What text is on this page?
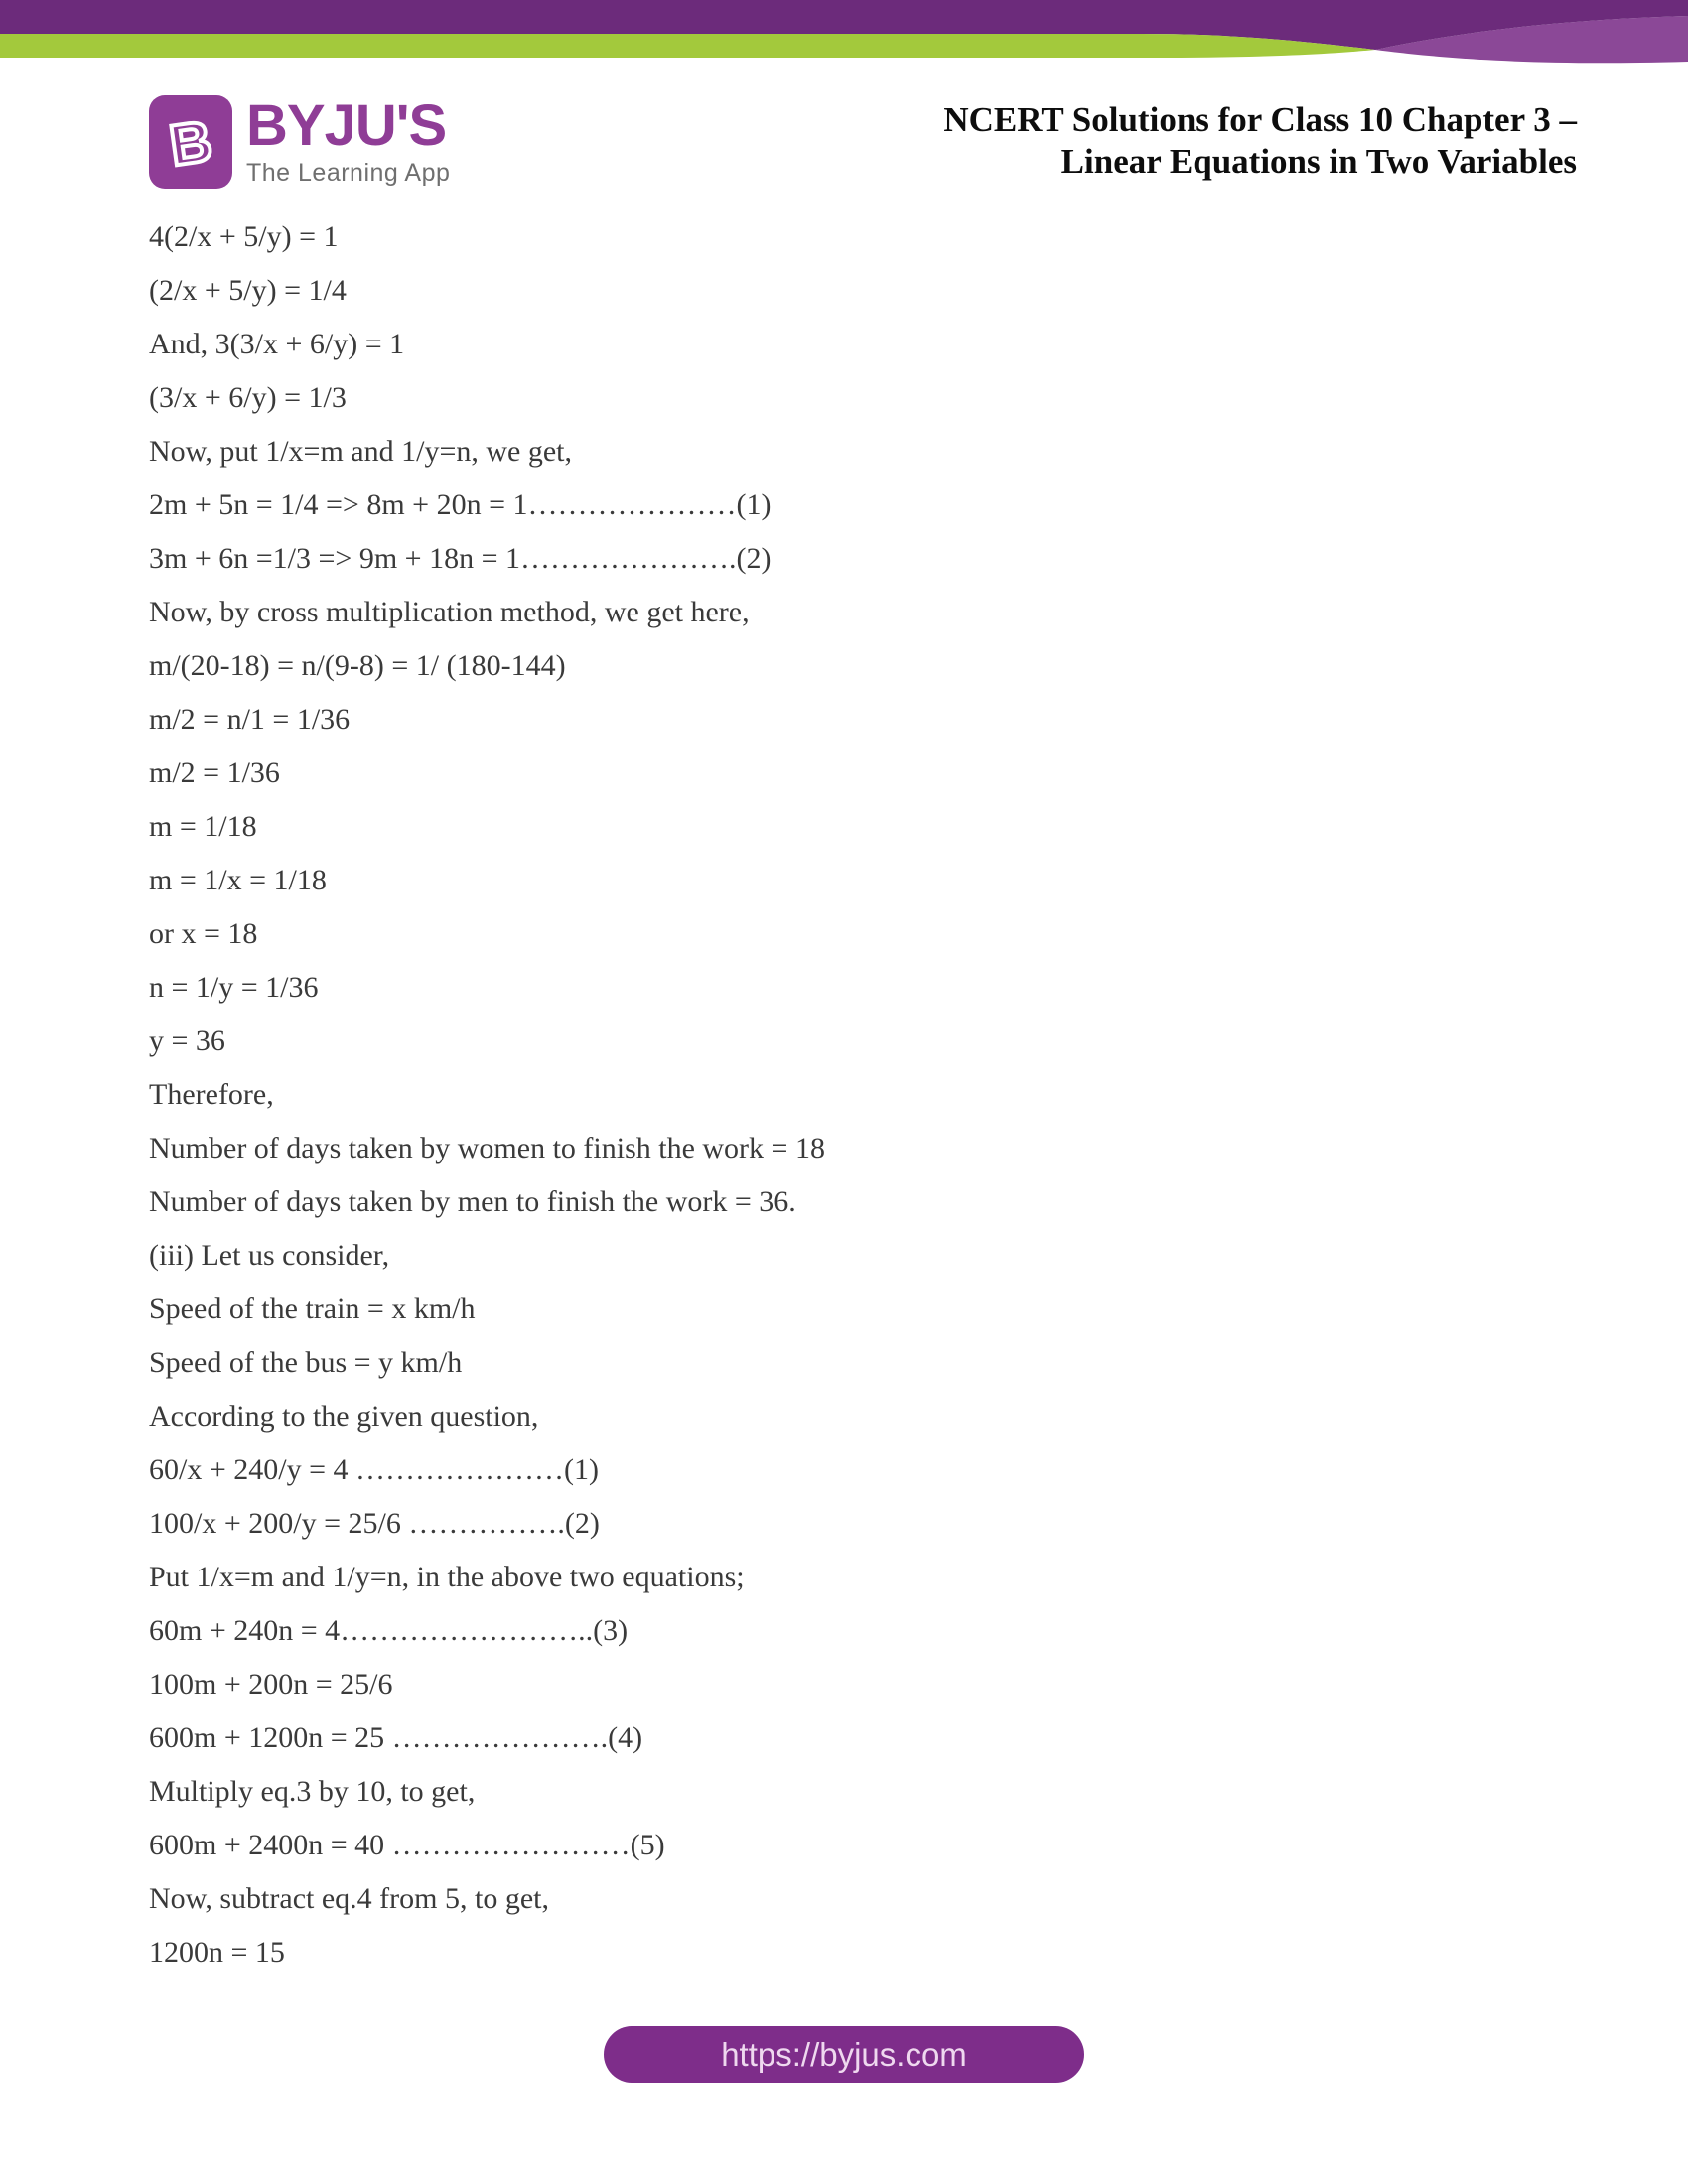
B BYJU'S
The Learning App
NCERT Solutions for Class 10 Chapter 3 –
Linear Equations in Two Variables

4(2/x + 5/y) = 1

(2/x + 5/y) = 1/4

And, 3(3/x + 6/y) = 1

(3/x + 6/y) = 1/3

Now, put 1/x=m and 1/y=n, we get,

2m + 5n = 1/4 => 8m + 20n = 1…………………(1)

3m + 6n =1/3 => 9m + 18n = 1………………….(2)

Now, by cross multiplication method, we get here,

m/(20-18) = n/(9-8) = 1/ (180-144)

m/2 = n/1 = 1/36

m/2 = 1/36

m = 1/18

m = 1/x = 1/18

or x = 18

n = 1/y = 1/36

y = 36

Therefore,

Number of days taken by women to finish the work = 18

Number of days taken by men to finish the work = 36.

(iii) Let us consider,

Speed of the train = x km/h

Speed of the bus = y km/h

According to the given question,

60/x + 240/y = 4 …………………(1)

100/x + 200/y = 25/6 …………….(2)

Put 1/x=m and 1/y=n, in the above two equations;

60m + 240n = 4……………………..(3)

100m + 200n = 25/6

600m + 1200n = 25 ………………….(4)

Multiply eq.3 by 10, to get,

600m + 2400n = 40 ……………………(5)

Now, subtract eq.4 from 5, to get,

1200n = 15

https://byjus.com
